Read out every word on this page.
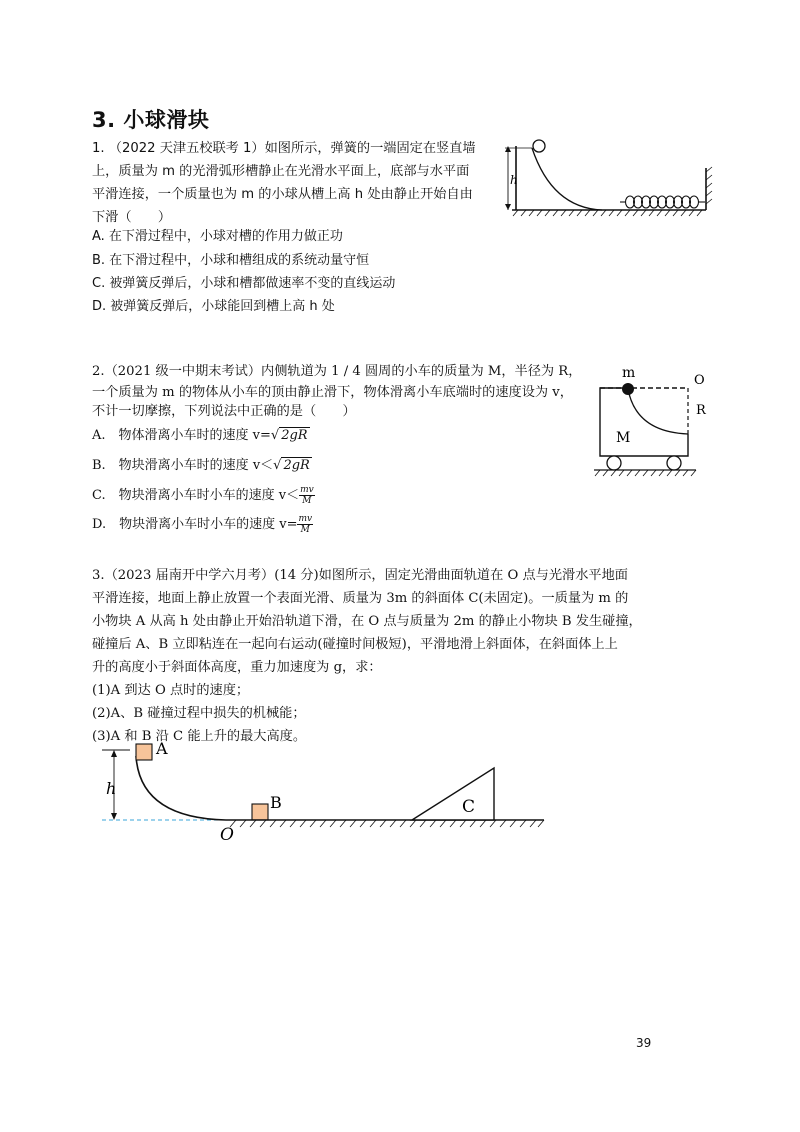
3. 小球滑块
1. （2022 天津五校联考 1）如图所示，弹簧的一端固定在竖直墙
上，质量为 m 的光滑弧形槽静止在光滑水平面上，底部与水平面
平滑连接，一个质量也为 m 的小球从槽上高 h 处由静止开始自由
下滑（　　）
A. 在下滑过程中，小球对槽的作用力做正功
B. 在下滑过程中，小球和槽组成的系统动量守恒
C. 被弹簧反弹后，小球和槽都做速率不变的直线运动
D. 被弹簧反弹后，小球能回到槽上高 h 处
h
2.（2021 级一中期末考试）内侧轨道为 1 / 4 圆周的小车的质量为 M，半径为 R，
一个质量为 m 的物体从小车的顶由静止滑下，物体滑离小车底端时的速度设为 v，
不计一切摩擦，下列说法中正确的是（　　）
A.　物体滑离小车时的速度 v=√ 2gR
B.　物块滑离小车时的速度 v＜√ 2gR
C.　物块滑离小车时小车的速度 $v< \frac{mv}{M}$
D.　物块滑离小车时小车的速度 $v= \frac{mv}{M}$
m	O
R
M
3.（2023 届南开中学六月考）(14 分)如图所示，固定光滑曲面轨道在 O 点与光滑水平地面
平滑连接，地面上静止放置一个表面光滑、质量为 3m 的斜面体 C(未固定)。一质量为 m 的
小物块 A 从高 h 处由静止开始沿轨道下滑，在 O 点与质量为 2m 的静止小物块 B 发生碰撞，
碰撞后 A、B 立即粘连在一起向右运动(碰撞时间极短)，平滑地滑上斜面体，在斜面体上上
升的高度小于斜面体高度，重力加速度为 g，求：
(1)A 到达 O 点时的速度；
(2)A、B 碰撞过程中损失的机械能；
(3)A 和 B 沿 C 能上升的最大高度。
h
A
B
O
C
39
